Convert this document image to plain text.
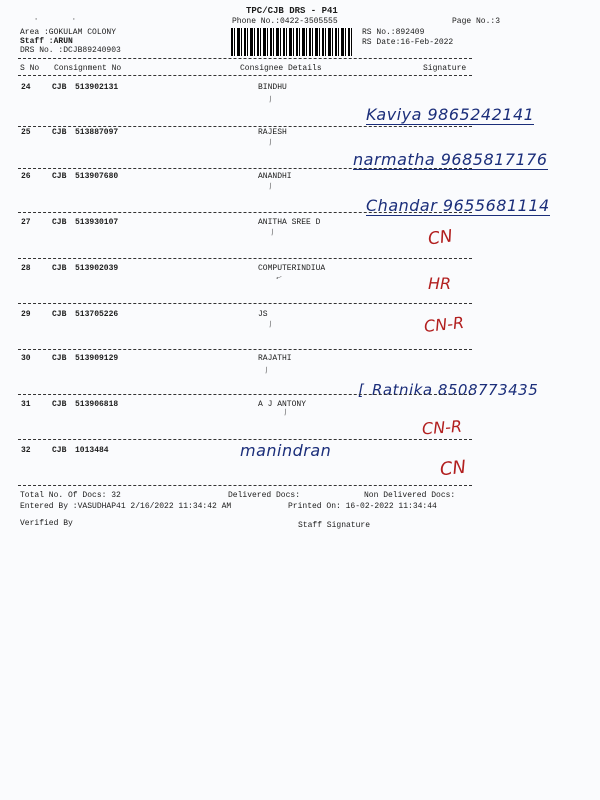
TPC/CJB DRS - P41
Phone No.:0422-3505555	Page No.:3
·        ·
Area :GOKULAM COLONY
Staff :ARUN
DRS No. :DCJB89240903
RS No.:892409
RS Date:16-Feb-2022
S No Consignment No	Consignee Details	Signature
24	CJB 513902131	BINDHU
∕
Kaviya 9865242141
25	CJB 513887097	RAJESH
∕
narmatha 9685817176
26	CJB 513907680	ANANDHI
∕
Chandar 9655681114
27	CJB 513930107	ANITHA SREE D
∕	CN
28	CJB 513902039	COMPUTERINDIUA
←	HR
29	CJB 513705226	JS
∕	CN-R
30	CJB 513909129	RAJATHI
∕
[ Ratnika 8508773435
31	CJB 513906818	A J ANTONY
∕
CN-R
32	CJB 1013484	manindran
CN
Total No. Of Docs: 32	Delivered Docs:	Non Delivered Docs:
Entered By :VASUDHAP41 2/16/2022 11:34:42 AM	Printed On: 16-02-2022 11:34:44
Verified By	Staff Signature
